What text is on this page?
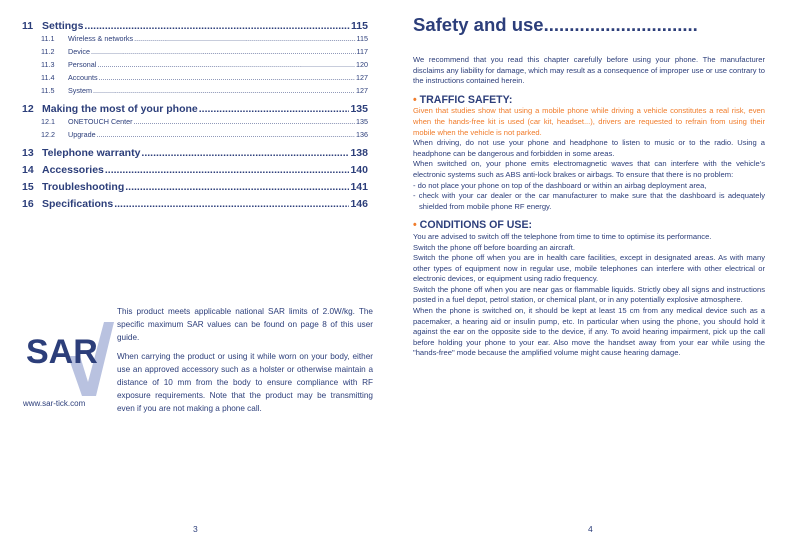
11 Settings .....	115
11.1	Wireless & networks .....	115
11.2	Device .....	117
11.3	Personal .....	120
11.4	Accounts .....	127
11.5	System .....	127
12 Making the most of your phone .....	135
12.1	ONETOUCH Center .....	135
12.2	Upgrade .....	136
13 Telephone warranty .....	138
14 Accessories .....	140
15 Troubleshooting .....	141
16 Specifications .....	146
SAR
www.sar-tick.com

This product meets applicable national SAR limits of 2.0W/kg. The specific maximum SAR values can be found on page 8 of this user guide.

When carrying the product or using it while worn on your body, either use an approved accessory such as a holster or otherwise maintain a distance of 10 mm from the body to ensure compliance with RF exposure requirements. Note that the product may be transmitting even if you are not making a phone call.

3
Safety and use..............................

We recommend that you read this chapter carefully before using your phone. The manufacturer disclaims any liability for damage, which may result as a consequence of improper use or use contrary to the instructions contained herein.

• TRAFFIC SAFETY:

Given that studies show that using a mobile phone while driving a vehicle constitutes a real risk, even when the hands-free kit is used (car kit, headset...), drivers are requested to refrain from using their mobile when the vehicle is not parked.

When driving, do not use your phone and headphone to listen to music or to the radio. Using a headphone can be dangerous and forbidden in some areas.

When switched on, your phone emits electromagnetic waves that can interfere with the vehicle's electronic systems such as ABS anti-lock brakes or airbags. To ensure that there is no problem:

- do not place your phone on top of the dashboard or within an airbag deployment area,

- check with your car dealer or the car manufacturer to make sure that the dashboard is adequately shielded from mobile phone RF energy.

• CONDITIONS OF USE:

You are advised to switch off the telephone from time to time to optimise its performance.

Switch the phone off before boarding an aircraft.

Switch the phone off when you are in health care facilities, except in designated areas. As with many other types of equipment now in regular use, mobile telephones can interfere with other electrical or electronic devices, or equipment using radio frequency.

Switch the phone off when you are near gas or flammable liquids. Strictly obey all signs and instructions posted in a fuel depot, petrol station, or chemical plant, or in any potentially explosive atmosphere.

When the phone is switched on, it should be kept at least 15 cm from any medical device such as a pacemaker, a hearing aid or insulin pump, etc. In particular when using the phone, you should hold it against the ear on the opposite side to the device, if any. To avoid hearing impairment, pick up the call before holding your phone to your ear. Also move the handset away from your ear while using the "hands-free" mode because the amplified volume might cause hearing damage.

4
